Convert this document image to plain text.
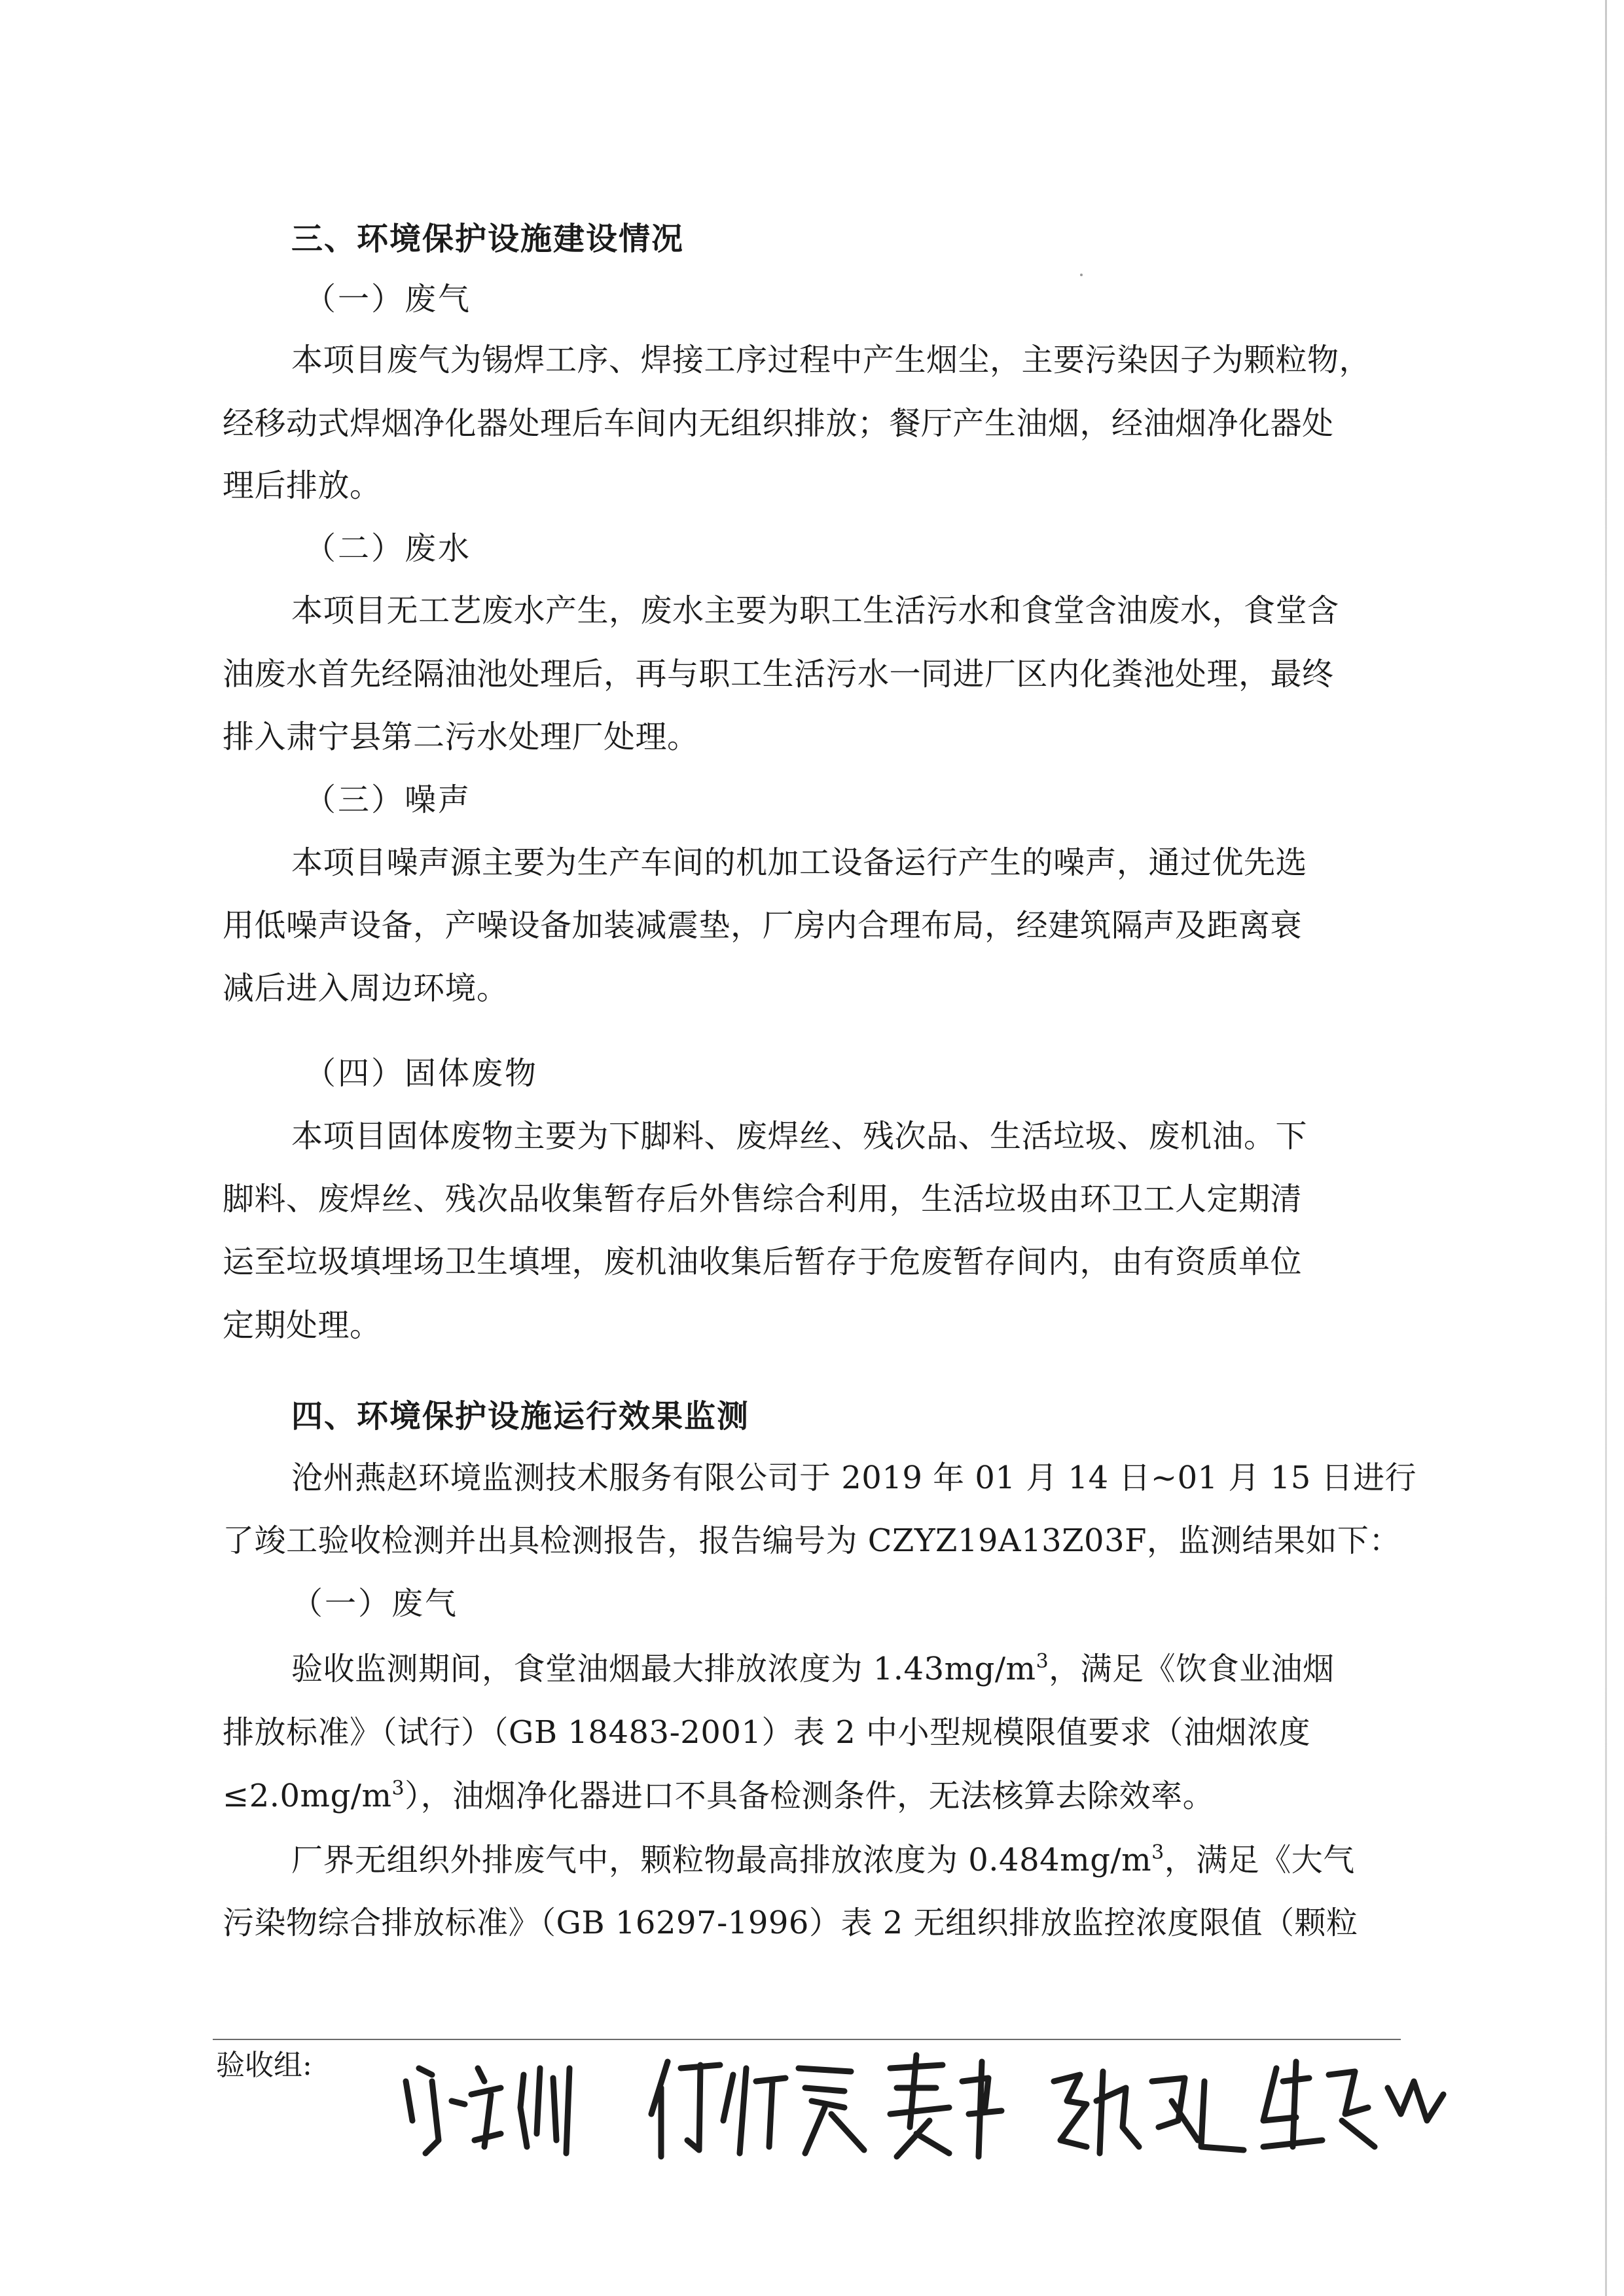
三、环境保护设施建设情况
（一）废气
本项目废气为锡焊工序、焊接工序过程中产生烟尘，主要污染因子为颗粒物，
经移动式焊烟净化器处理后车间内无组织排放；餐厅产生油烟，经油烟净化器处
理后排放。
（二）废水
本项目无工艺废水产生，废水主要为职工生活污水和食堂含油废水，食堂含
油废水首先经隔油池处理后，再与职工生活污水一同进厂区内化粪池处理，最终
排入肃宁县第二污水处理厂处理。
（三）噪声
本项目噪声源主要为生产车间的机加工设备运行产生的噪声，通过优先选
用低噪声设备，产噪设备加装减震垫，厂房内合理布局，经建筑隔声及距离衰
减后进入周边环境。
（四）固体废物
本项目固体废物主要为下脚料、废焊丝、残次品、生活垃圾、废机油。下
脚料、废焊丝、残次品收集暂存后外售综合利用，生活垃圾由环卫工人定期清
运至垃圾填埋场卫生填埋，废机油收集后暂存于危废暂存间内，由有资质单位
定期处理。
四、环境保护设施运行效果监测
沧州燕赵环境监测技术服务有限公司于 2019 年 01 月 14 日~01 月 15 日进行
了竣工验收检测并出具检测报告，报告编号为 CZYZ19A13Z03F，监测结果如下：
（一）废气
验收监测期间，食堂油烟最大排放浓度为 $1.43mg/m^3$，满足《饮食业油烟
排放标准》（试行）（GB 18483-2001）表 2 中小型规模限值要求（油烟浓度
$\le 2.0mg/m^3$），油烟净化器进口不具备检测条件，无法核算去除效率。
厂界无组织外排废气中，颗粒物最高排放浓度为 $0.484mg/m^3$，满足《大气
污染物综合排放标准》（GB 16297-1996）表 2 无组织排放监控浓度限值（颗粒
验收组:
